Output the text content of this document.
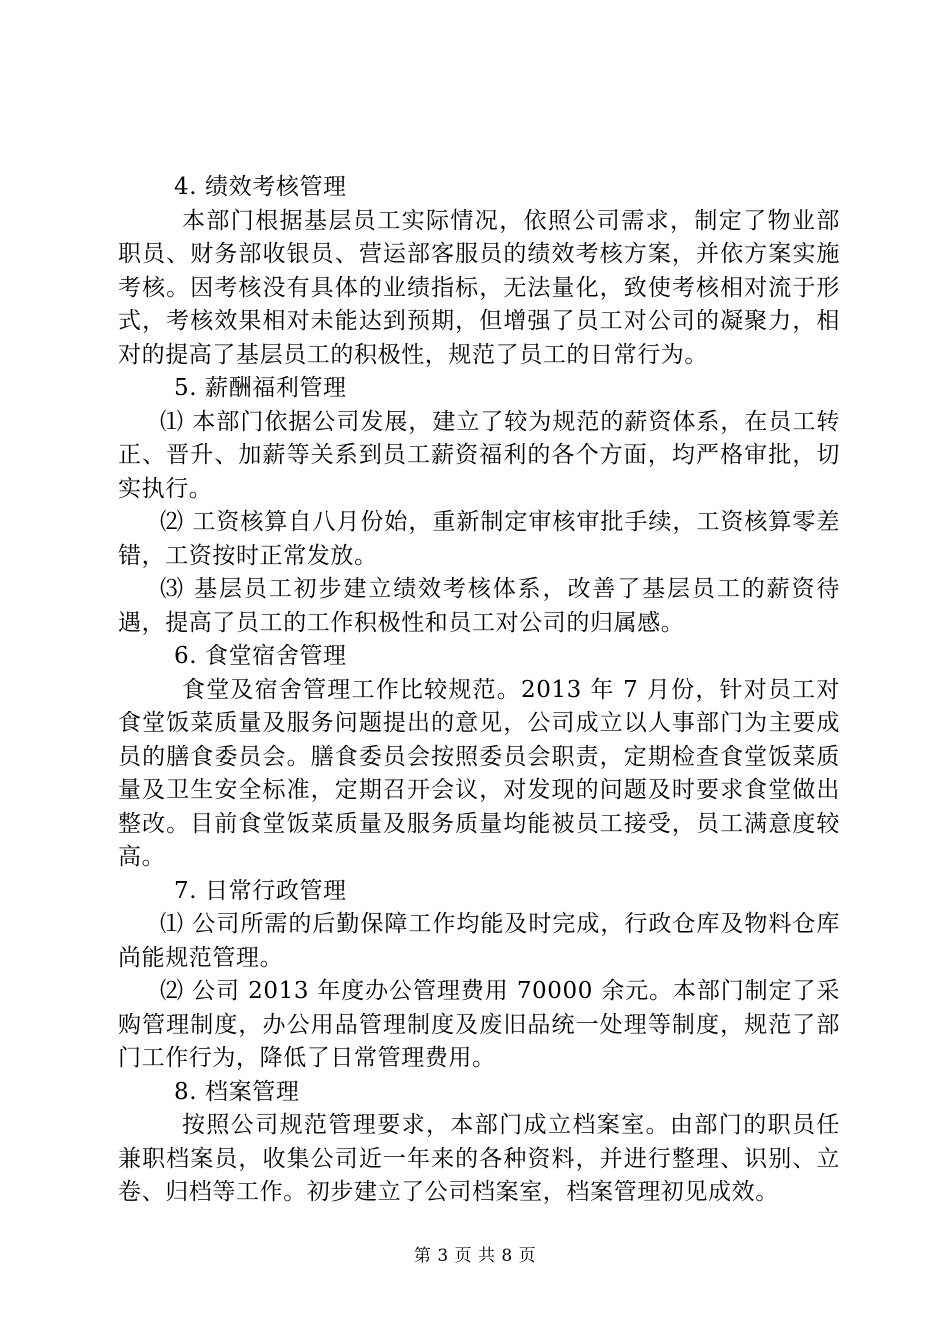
4. 绩效考核管理

本部门根据基层员工实际情况，依照公司需求，制定了物业部职员、财务部收银员、营运部客服员的绩效考核方案，并依方案实施考核。因考核没有具体的业绩指标，无法量化，致使考核相对流于形式，考核效果相对未能达到预期，但增强了员工对公司的凝聚力，相对的提高了基层员工的积极性，规范了员工的日常行为。

5. 薪酬福利管理

⑴ 本部门依据公司发展，建立了较为规范的薪资体系，在员工转正、晋升、加薪等关系到员工薪资福利的各个方面，均严格审批，切实执行。

⑵ 工资核算自八月份始，重新制定审核审批手续，工资核算零差错，工资按时正常发放。

⑶ 基层员工初步建立绩效考核体系，改善了基层员工的薪资待遇，提高了员工的工作积极性和员工对公司的归属感。

6. 食堂宿舍管理

食堂及宿舍管理工作比较规范。2013 年 7 月份，针对员工对食堂饭菜质量及服务问题提出的意见，公司成立以人事部门为主要成员的膳食委员会。膳食委员会按照委员会职责，定期检查食堂饭菜质量及卫生安全标准，定期召开会议，对发现的问题及时要求食堂做出整改。目前食堂饭菜质量及服务质量均能被员工接受，员工满意度较高。

7. 日常行政管理

⑴ 公司所需的后勤保障工作均能及时完成，行政仓库及物料仓库尚能规范管理。

⑵ 公司 2013 年度办公管理费用 70000 余元。本部门制定了采购管理制度，办公用品管理制度及废旧品统一处理等制度，规范了部门工作行为，降低了日常管理费用。

8. 档案管理

按照公司规范管理要求，本部门成立档案室。由部门的职员任兼职档案员，收集公司近一年来的各种资料，并进行整理、识别、立卷、归档等工作。初步建立了公司档案室，档案管理初见成效。

第 3 页 共 8 页
